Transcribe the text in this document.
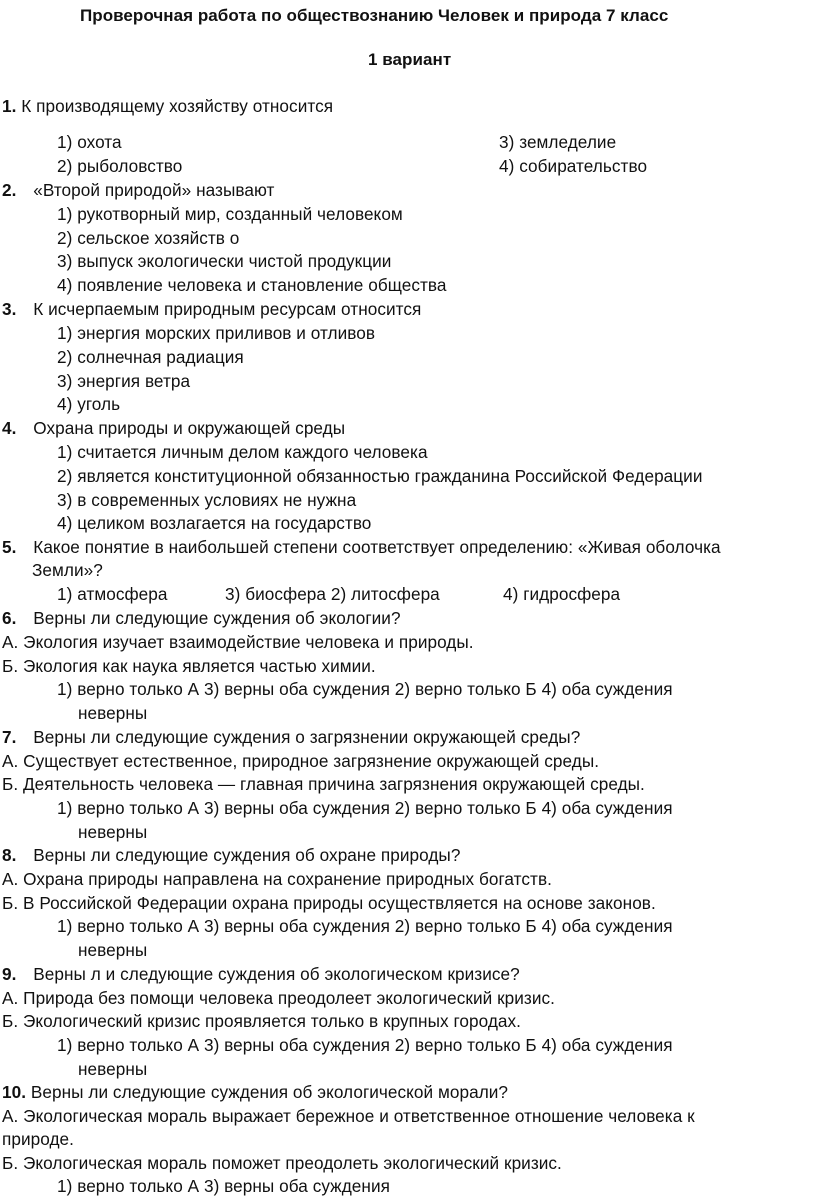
Проверочная работа по обществознанию Человек и природа 7 класс
1 вариант
1. К производящему хозяйству относится
1) охота
2) рыболовство
3) земледелие
4) собирательство
2. «Второй природой» называют
1) рукотворный мир, созданный человеком
2) сельское хозяйств о
3) выпуск экологически чистой продукции
4) появление человека и становление общества
3. К исчерпаемым природным ресурсам относится
1) энергия морских приливов и отливов
2) солнечная радиация
3) энергия ветра
4) уголь
4. Охрана природы и окружающей среды
1) считается личным делом каждого человека
2) является конституционной обязанностью гражданина Российской Федерации
3) в современных условиях не нужна
4) целиком возлагается на государство
5. Какое понятие в наибольшей степени соответствует определению: «Живая оболочка
Земли»?
1) атмосфера	3) биосфера 2) литосфера	4) гидросфера
6. Верны ли следующие суждения об экологии?
А. Экология изучает взаимодействие человека и природы.
Б. Экология как наука является частью химии.
1) верно только А 3) верны оба суждения 2) верно только Б 4) оба суждения
неверны
7. Верны ли следующие суждения о загрязнении окружающей среды?
А. Существует естественное, природное загрязнение окружающей среды.
Б. Деятельность человека — главная причина загрязнения окружающей среды.
1) верно только А 3) верны оба суждения 2) верно только Б 4) оба суждения
неверны
8. Верны ли следующие суждения об охране природы?
А. Охрана природы направлена на сохранение природных богатств.
Б. В Российской Федерации охрана природы осуществляется на основе законов.
1) верно только А 3) верны оба суждения 2) верно только Б 4) оба суждения
неверны
9. Верны л и следующие суждения об экологическом кризисе?
А. Природа без помощи человека преодолеет экологический кризис.
Б. Экологический кризис проявляется только в крупных городах.
1) верно только А 3) верны оба суждения 2) верно только Б 4) оба суждения
неверны
10. Верны ли следующие суждения об экологической морали?
А. Экологическая мораль выражает бережное и ответственное отношение человека к
природе.
Б. Экологическая мораль поможет преодолеть экологический кризис.
1) верно только А 3) верны оба суждения
